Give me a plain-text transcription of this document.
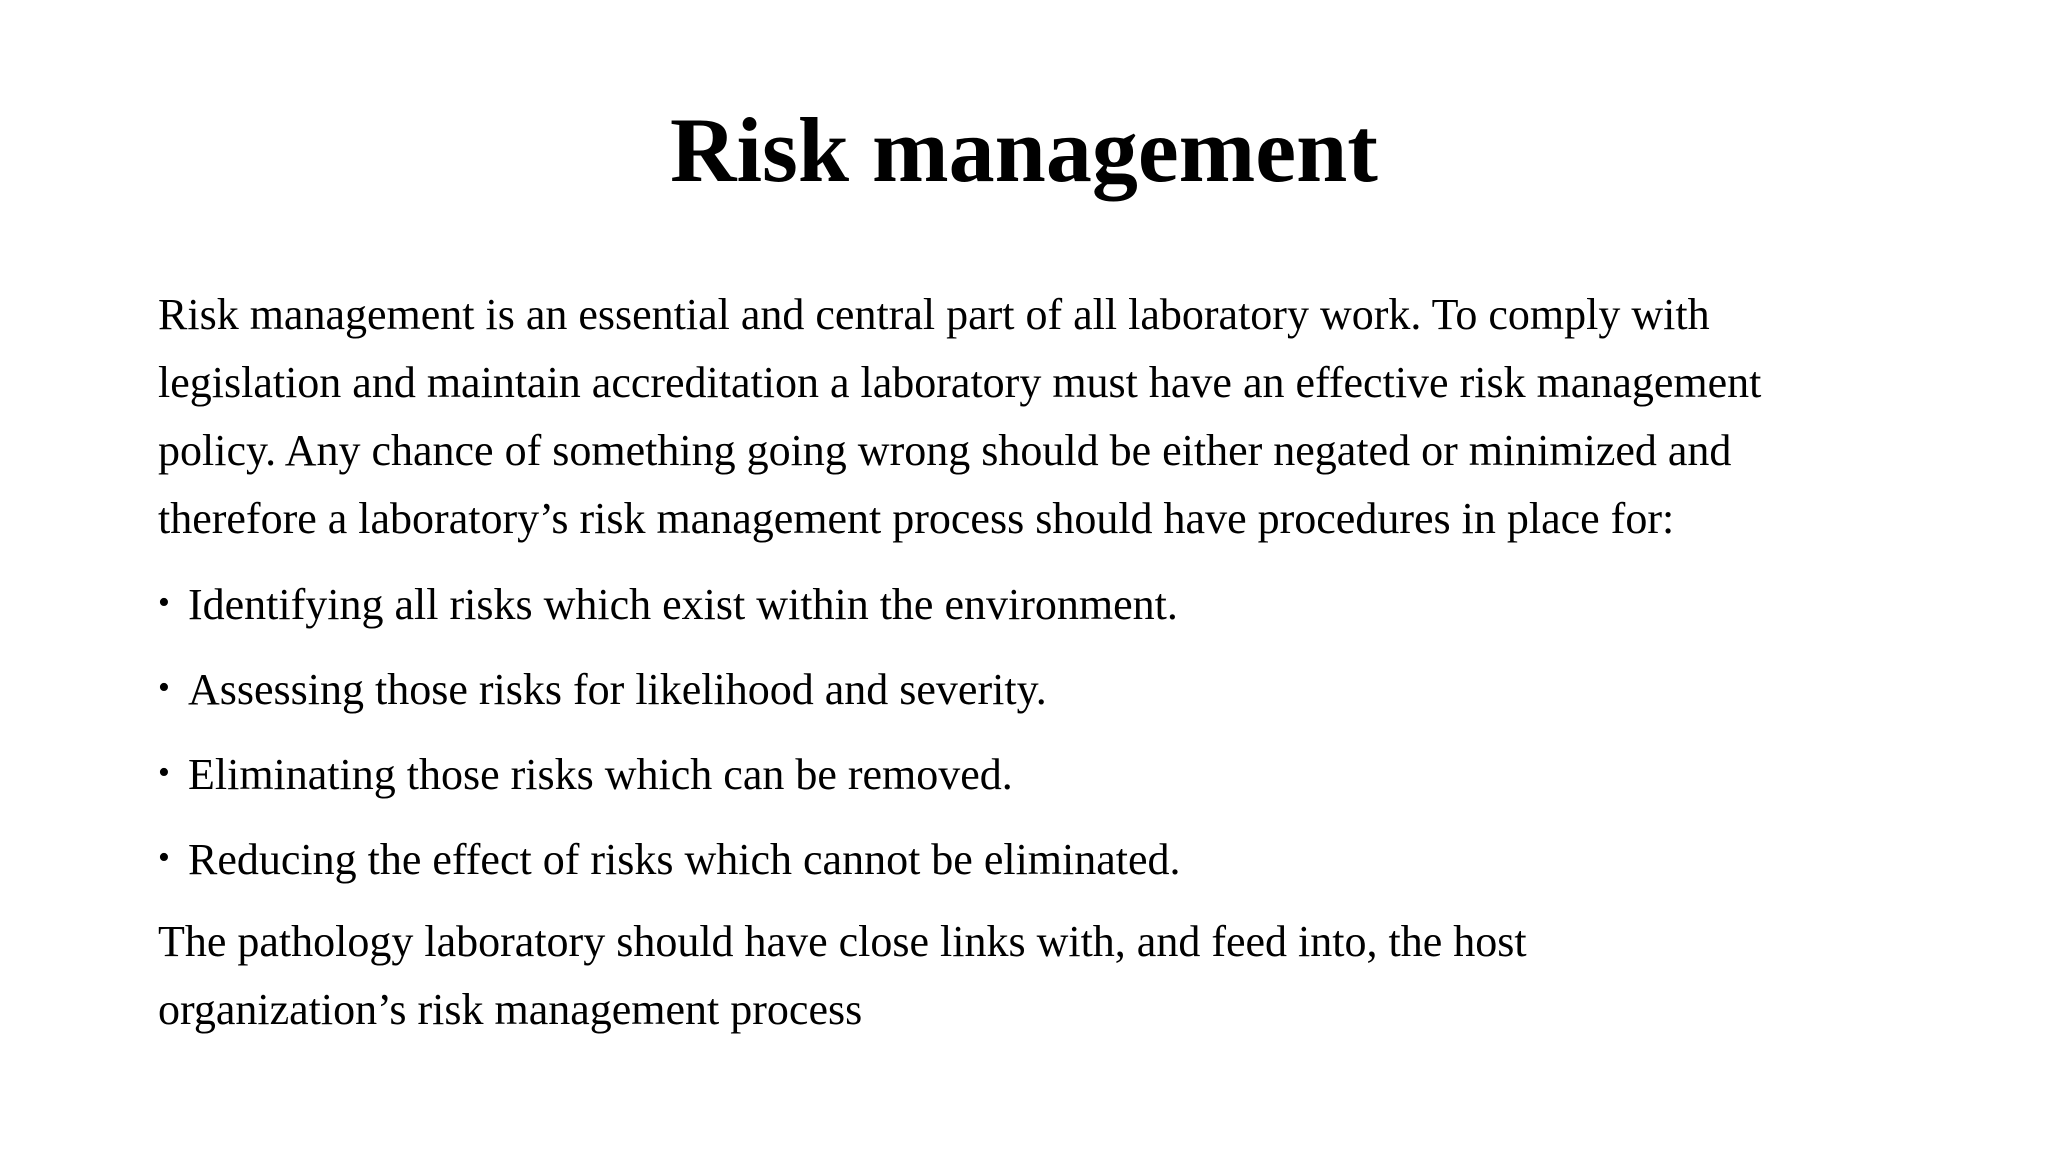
Risk management

Risk management is an essential and central part of all laboratory work. To comply with
legislation and maintain accreditation a laboratory must have an effective risk management
policy. Any chance of something going wrong should be either negated or minimized and
therefore a laboratory’s risk management process should have procedures in place for:

• Identifying all risks which exist within the environment.
• Assessing those risks for likelihood and severity.
• Eliminating those risks which can be removed.
• Reducing the effect of risks which cannot be eliminated.

The pathology laboratory should have close links with, and feed into, the host
organization’s risk management process
